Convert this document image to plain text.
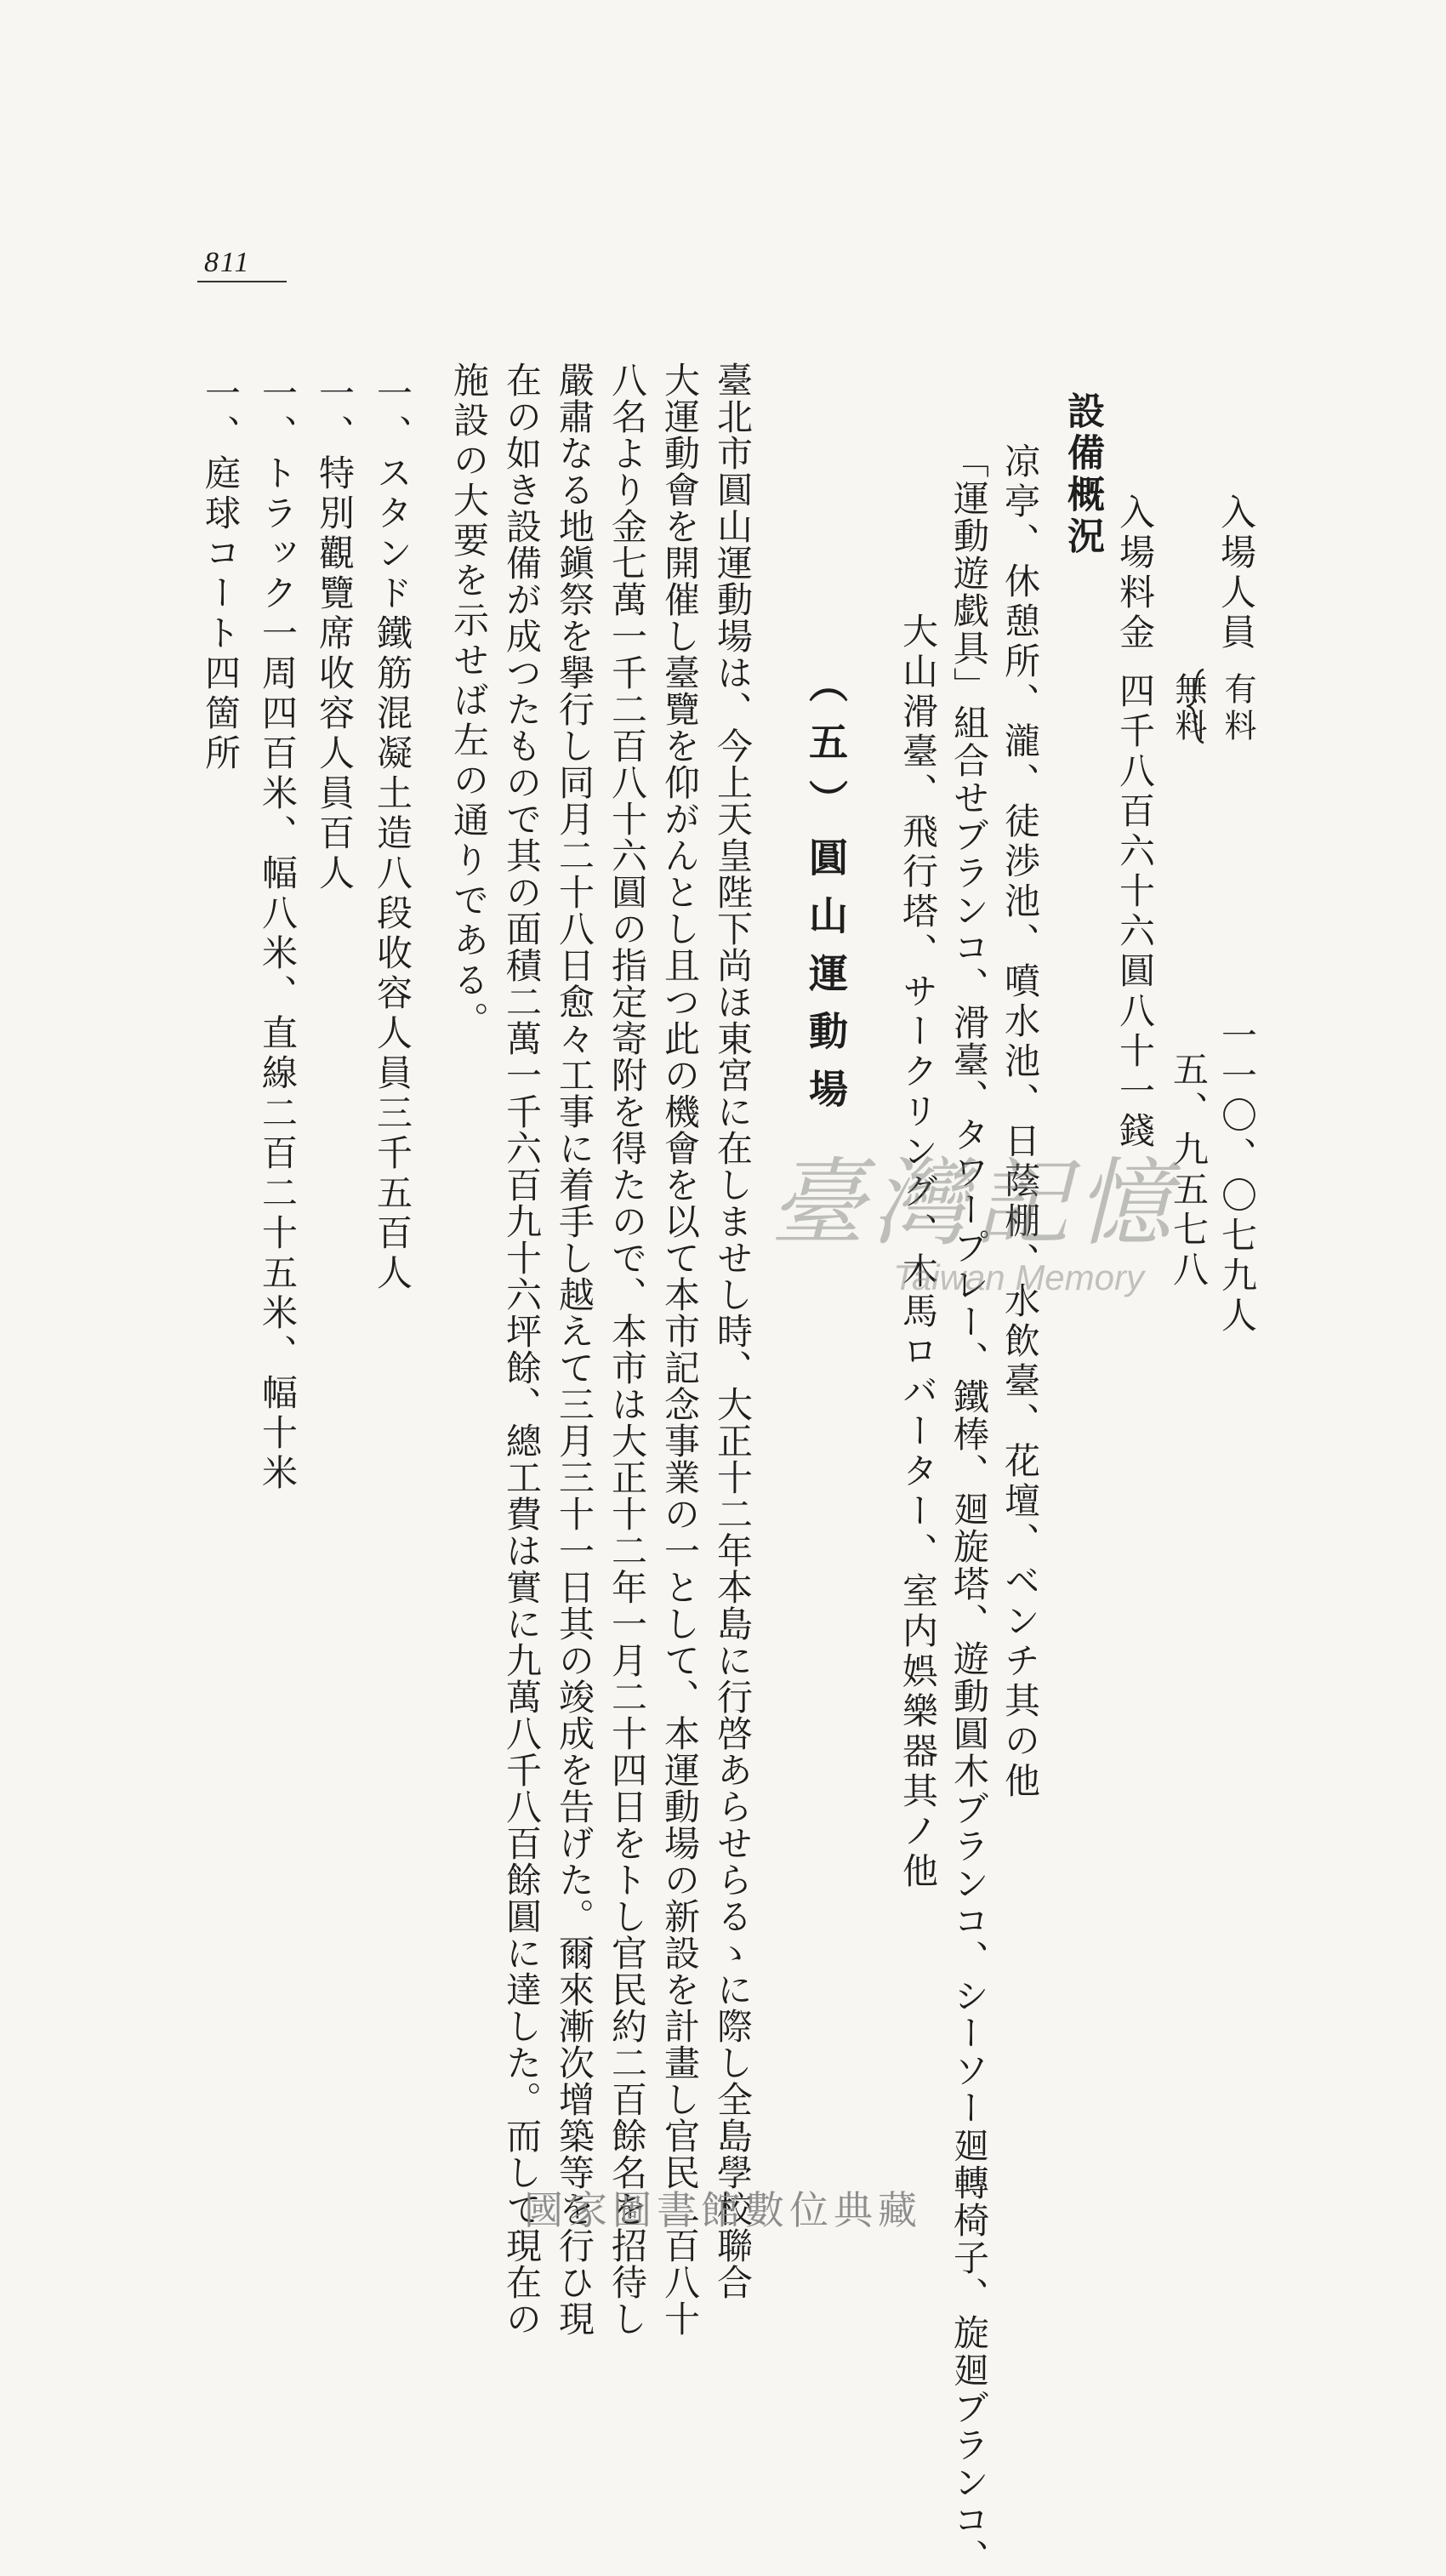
811
入場人員
有料
無料
一一〇、〇七九人
五、九五七八
入場料金
四千八百六十六圓八十一錢
設備概況
凉亭、休憩所、瀧、徒渉池、噴水池、日蔭棚、水飲臺、花壇、ベンチ其の他
「運動遊戯具」組合せブランコ、滑臺、タワープレー、鐵棒、廻旋塔、遊動圓木ブランコ、シーソー廻轉椅子、旋廻ブランコ、
大山滑臺、飛行塔、サークリング、木馬ロバーター、室内娯樂器其ノ他
（五）圓山運動場
臺北市圓山運動場は、今上天皇陛下尚ほ東宮に在しませし時、大正十二年本島に行啓あらせらるゝに際し全島學校聯合
大運動會を開催し臺覽を仰がんとし且つ此の機會を以て本市記念事業の一として、本運動場の新設を計畫し官民二百八十
八名より金七萬一千二百八十六圓の指定寄附を得たので、本市は大正十二年一月二十四日をトし官民約二百餘名を招待し
嚴肅なる地鎭祭を擧行し同月二十八日愈々工事に着手し越えて三月三十一日其の竣成を告げた。爾來漸次增築等を行ひ現
在の如き設備が成つたもので其の面積二萬一千六百九十六坪餘、總工費は實に九萬八千八百餘圓に達した。而して現在の
施設の大要を示せば左の通りである。
一、スタンド鐵筋混凝土造八段收容人員三千五百人
一、特別觀覽席收容人員百人
一、トラック一周四百米、幅八米、直線二百二十五米、幅十米
一、庭球コート四箇所
臺灣記憶
Taiwan Memory
國家圖書館數位典藏
